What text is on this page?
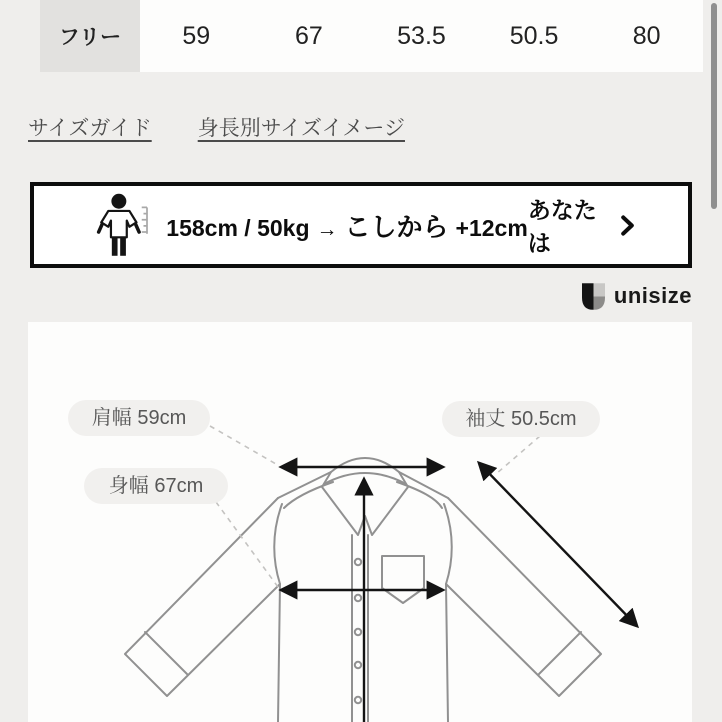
フリー	59	67	53.5	50.5	80
サイズガイド 身長別サイズイメージ
158cm / 50kg → こしから +12cm
あなたは
unisize
肩幅 59cm	袖丈 50.5cm
身幅 67cm
